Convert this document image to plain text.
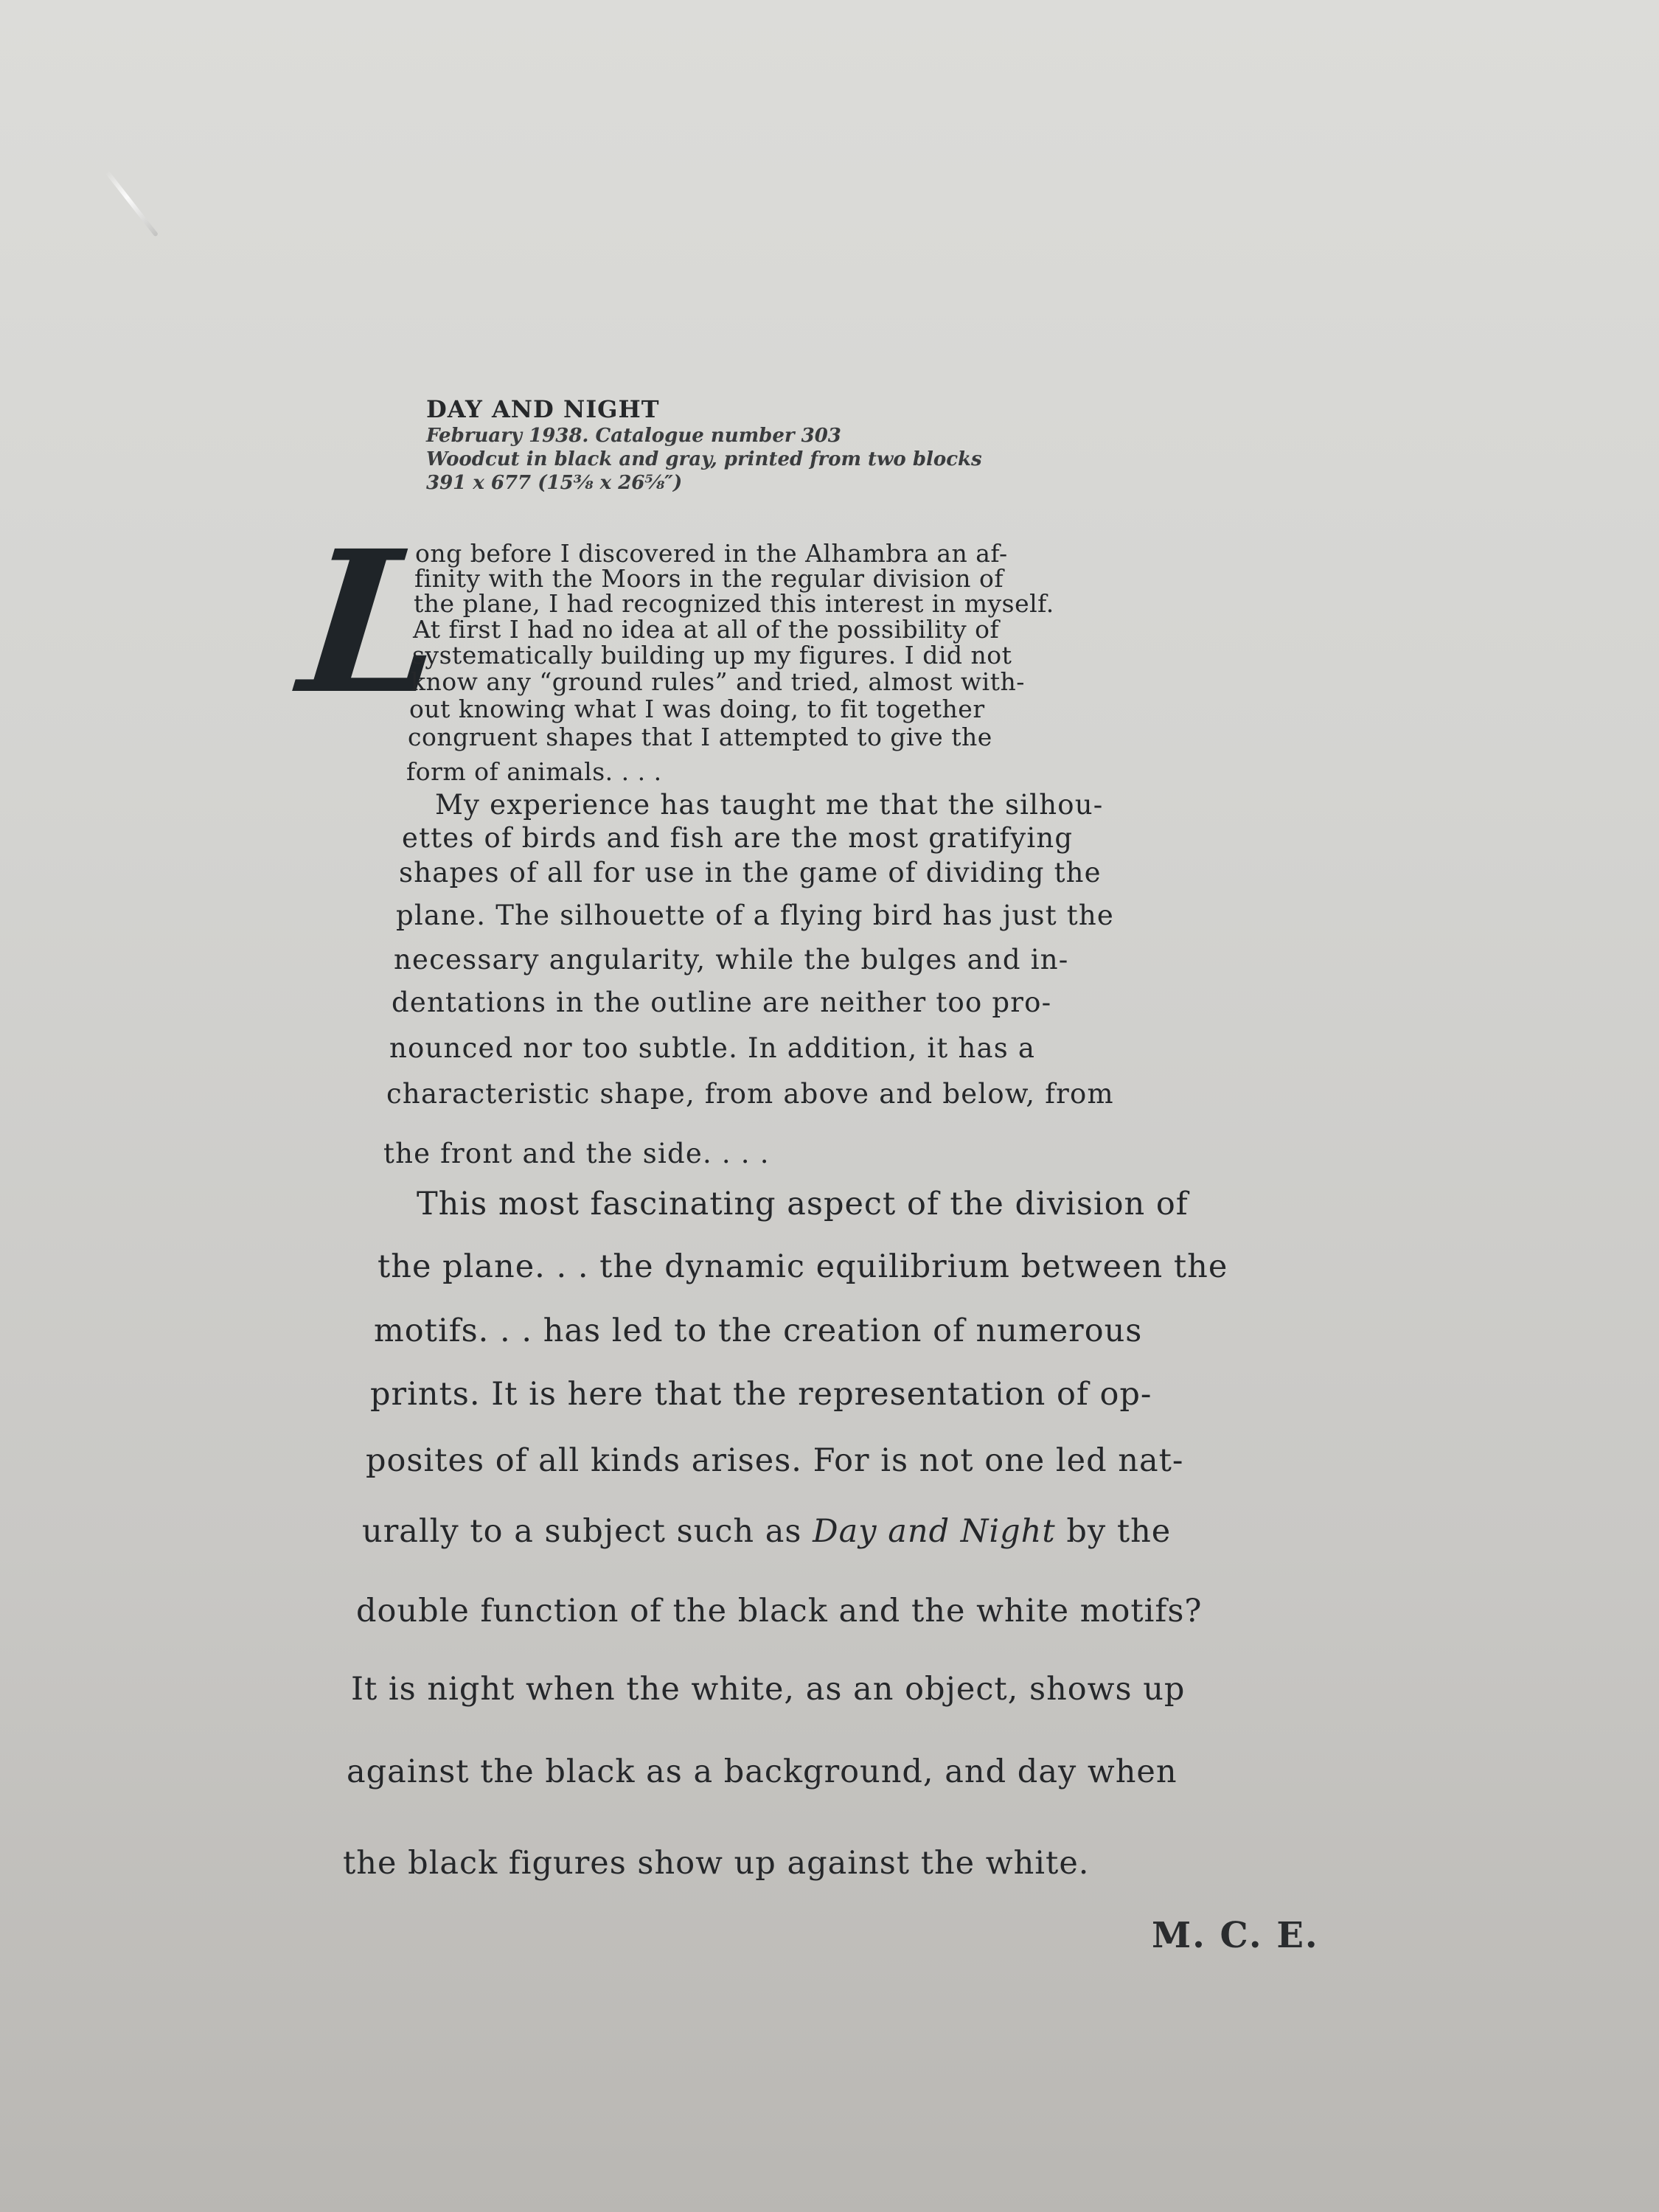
DAY AND NIGHT
February 1938. Catalogue number 303
Woodcut in black and gray, printed from two blocks
391 x 677 (15⅜ x 26⅝″)
L
ong before I discovered in the Alhambra an af-
finity with the Moors in the regular division of
the plane, I had recognized this interest in myself.
At first I had no idea at all of the possibility of
systematically building up my figures. I did not
know any “ground rules” and tried, almost with-
out knowing what I was doing, to fit together
congruent shapes that I attempted to give the
form of animals. . . .
My experience has taught me that the silhou-
ettes of birds and fish are the most gratifying
shapes of all for use in the game of dividing the
plane. The silhouette of a flying bird has just the
necessary angularity, while the bulges and in-
dentations in the outline are neither too pro-
nounced nor too subtle. In addition, it has a
characteristic shape, from above and below, from
the front and the side. . . .
This most fascinating aspect of the division of
the plane. . . the dynamic equilibrium between the
motifs. . . has led to the creation of numerous
prints. It is here that the representation of op-
posites of all kinds arises. For is not one led nat-
urally to a subject such as Day and Night by the
double function of the black and the white motifs?
It is night when the white, as an object, shows up
against the black as a background, and day when
the black figures show up against the white.
M. C. E.
